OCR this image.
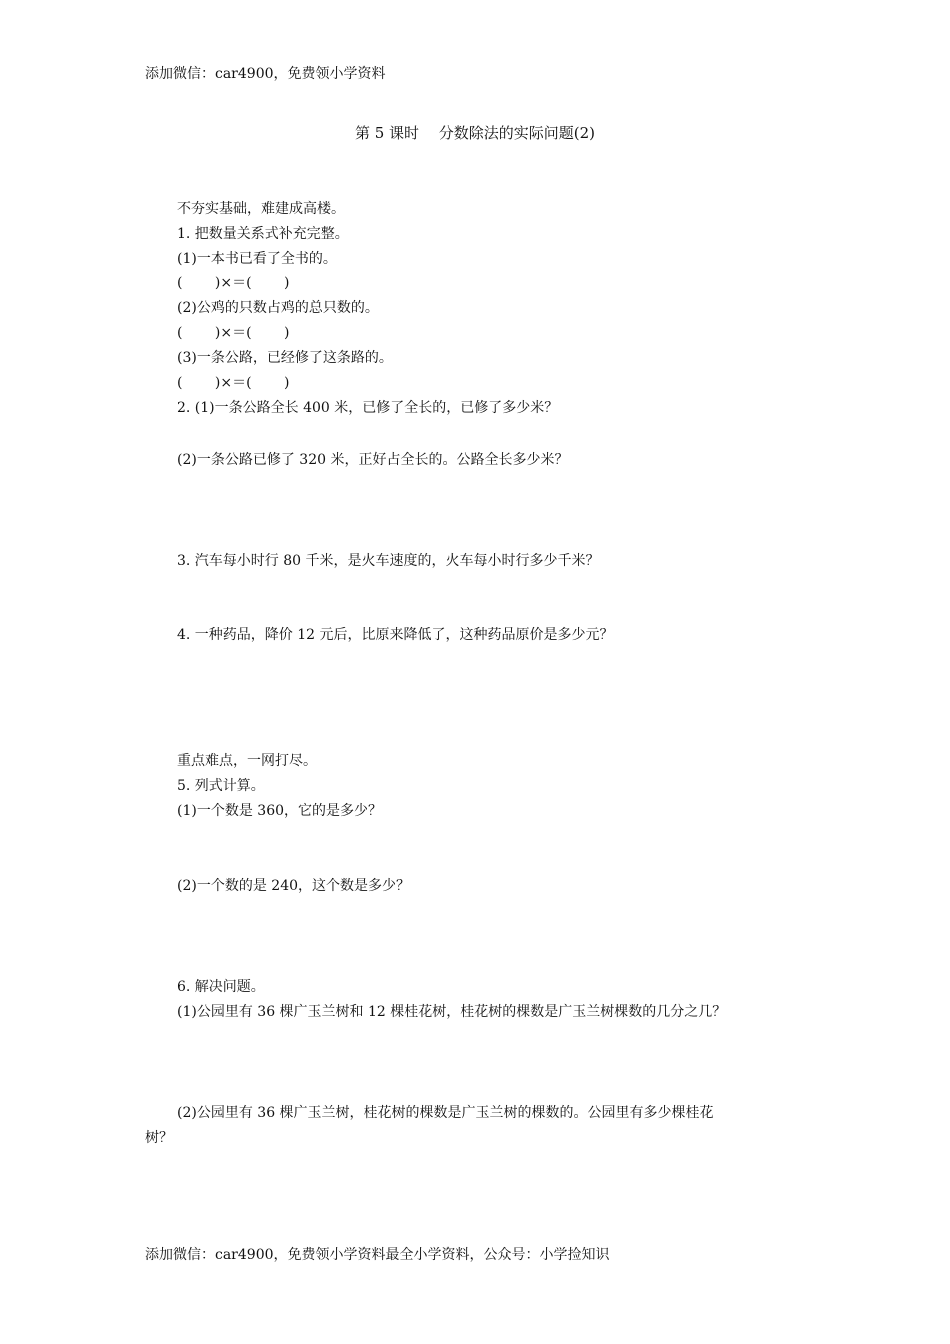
添加微信：car4900，免费领小学资料
第 5 课时　 分数除法的实际问题(2)
不夯实基础，难建成高楼。
1. 把数量关系式补充完整。
(1)一本书已看了全书的。
(　　 )×＝(　　 )
(2)公鸡的只数占鸡的总只数的。
(　　 )×＝(　　 )
(3)一条公路，已经修了这条路的。
(　　 )×＝(　　 )
2. (1)一条公路全长 400 米，已修了全长的，已修了多少米？
(2)一条公路已修了 320 米，正好占全长的。公路全长多少米？
3. 汽车每小时行 80 千米，是火车速度的，火车每小时行多少千米？
4. 一种药品，降价 12 元后，比原来降低了，这种药品原价是多少元？
重点难点，一网打尽。
5. 列式计算。
(1)一个数是 360，它的是多少？
(2)一个数的是 240，这个数是多少？
6. 解决问题。
(1)公园里有 36 棵广玉兰树和 12 棵桂花树，桂花树的棵数是广玉兰树棵数的几分之几？
(2)公园里有 36 棵广玉兰树，桂花树的棵数是广玉兰树的棵数的。公园里有多少棵桂花
树？
添加微信：car4900，免费领小学资料最全小学资料，公众号：小学捡知识
